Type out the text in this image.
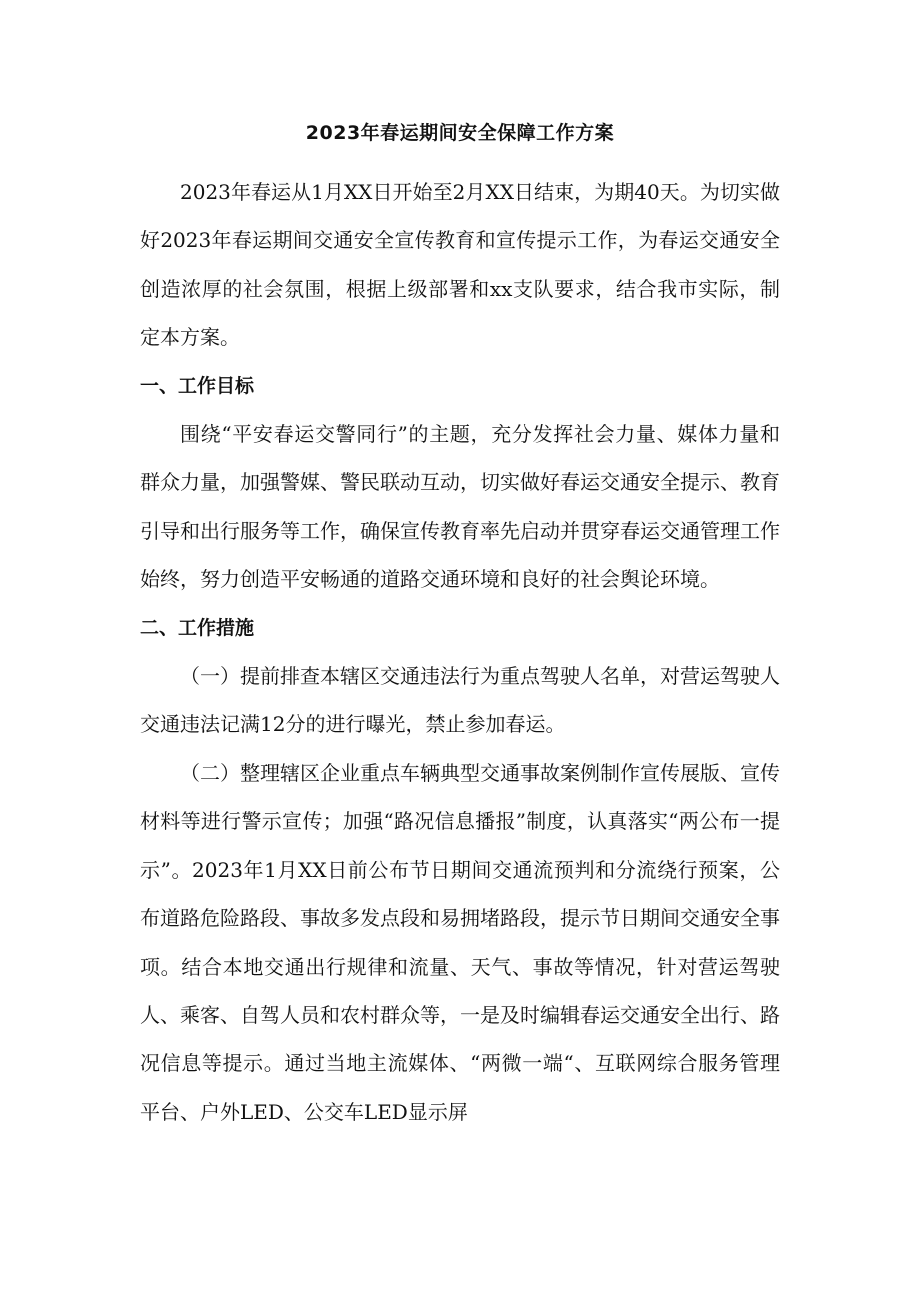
2023年春运期间安全保障工作方案

2023年春运从1月XX日开始至2月XX日结束，为期40天。为切实做好2023年春运期间交通安全宣传教育和宣传提示工作，为春运交通安全创造浓厚的社会氛围，根据上级部署和xx支队要求，结合我市实际，制定本方案。

一、工作目标

围绕“平安春运交警同行”的主题，充分发挥社会力量、媒体力量和群众力量，加强警媒、警民联动互动，切实做好春运交通安全提示、教育引导和出行服务等工作，确保宣传教育率先启动并贯穿春运交通管理工作始终，努力创造平安畅通的道路交通环境和良好的社会舆论环境。

二、工作措施

（一）提前排查本辖区交通违法行为重点驾驶人名单，对营运驾驶人交通违法记满12分的进行曝光，禁止参加春运。

（二）整理辖区企业重点车辆典型交通事故案例制作宣传展版、宣传材料等进行警示宣传；加强“路况信息播报”制度，认真落实“两公布一提示”。2023年1月XX日前公布节日期间交通流预判和分流绕行预案，公布道路危险路段、事故多发点段和易拥堵路段，提示节日期间交通安全事项。结合本地交通出行规律和流量、天气、事故等情况，针对营运驾驶人、乘客、自驾人员和农村群众等，一是及时编辑春运交通安全出行、路况信息等提示。通过当地主流媒体、“两微一端“、互联网综合服务管理平台、户外LED、公交车LED显示屏
